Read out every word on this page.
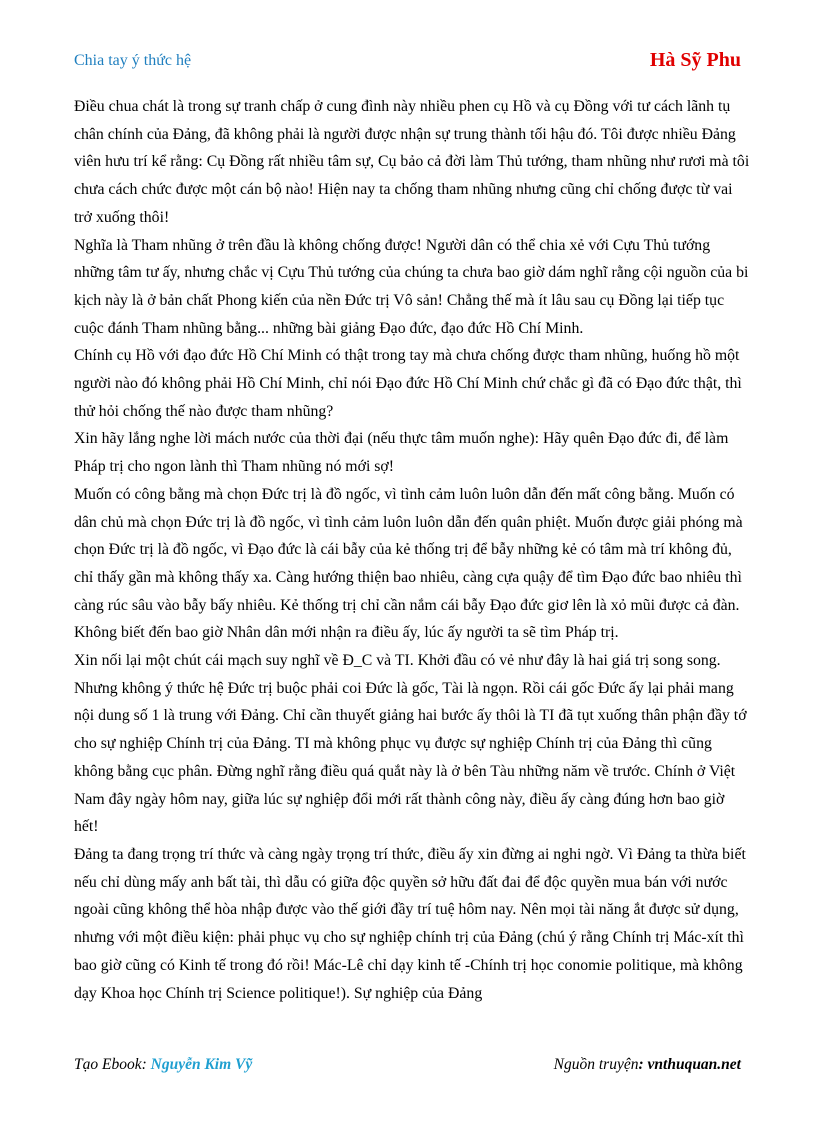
Chia tay ý thức hệ	Hà Sỹ Phu

Điều chua chát là trong sự tranh chấp ở cung đình này nhiều phen cụ Hồ và cụ Đồng với tư cách lãnh tụ chân chính của Đảng, đã không phải là người được nhận sự trung thành tối hậu đó. Tôi được nhiều Đảng viên hưu trí kể rằng: Cụ Đồng rất nhiều tâm sự, Cụ bảo cả đời làm Thủ tướng, tham nhũng như rươi mà tôi chưa cách chức được một cán bộ nào! Hiện nay ta chống tham nhũng nhưng cũng chỉ chống được từ vai trở xuống thôi!

Nghĩa là Tham nhũng ở trên đầu là không chống được! Người dân có thể chia xẻ với Cựu Thủ tướng những tâm tư ấy, nhưng chắc vị Cựu Thủ tướng của chúng ta chưa bao giờ dám nghĩ rằng cội nguồn của bi kịch này là ở bản chất Phong kiến của nền Đức trị Vô sản! Chẳng thế mà ít lâu sau cụ Đồng lại tiếp tục cuộc đánh Tham nhũng bằng... những bài giảng Đạo đức, đạo đức Hồ Chí Minh.

Chính cụ Hồ với đạo đức Hồ Chí Minh có thật trong tay mà chưa chống được tham nhũng, huống hồ một người nào đó không phải Hồ Chí Minh, chỉ nói Đạo đức Hồ Chí Minh chứ chắc gì đã có Đạo đức thật, thì thử hỏi chống thế nào được tham nhũng?

Xin hãy lắng nghe lời mách nước của thời đại (nếu thực tâm muốn nghe): Hãy quên Đạo đức đi, để làm Pháp trị cho ngon lành thì Tham nhũng nó mới sợ!

Muốn có công bằng mà chọn Đức trị là đồ ngốc, vì tình cảm luôn luôn dẫn đến mất công bằng. Muốn có dân chủ mà chọn Đức trị là đồ ngốc, vì tình cảm luôn luôn dẫn đến quân phiệt. Muốn được giải phóng mà chọn Đức trị là đồ ngốc, vì Đạo đức là cái bẫy của kẻ thống trị để bẫy những kẻ có tâm mà trí không đủ, chỉ thấy gần mà không thấy xa. Càng hướng thiện bao nhiêu, càng cựa quậy để tìm Đạo đức bao nhiêu thì càng rúc sâu vào bẫy bấy nhiêu. Kẻ thống trị chỉ cần nắm cái bẫy Đạo đức giơ lên là xỏ mũi được cả đàn. Không biết đến bao giờ Nhân dân mới nhận ra điều ấy, lúc ấy người ta sẽ tìm Pháp trị.

Xin nối lại một chút cái mạch suy nghĩ về Đ_C và TI. Khởi đầu có vẻ như đây là hai giá trị song song. Nhưng không ý thức hệ Đức trị buộc phải coi Đức là gốc, Tài là ngọn. Rồi cái gốc Đức ấy lại phải mang nội dung số 1 là trung với Đảng. Chỉ cần thuyết giảng hai bước ấy thôi là TI đã tụt xuống thân phận đầy tớ cho sự nghiệp Chính trị của Đảng. TI mà không phục vụ được sự nghiệp Chính trị của Đảng thì cũng không bằng cục phân. Đừng nghĩ rằng điều quá quắt này là ở bên Tàu những năm về trước. Chính ở Việt Nam đây ngày hôm nay, giữa lúc sự nghiệp đổi mới rất thành công này, điều ấy càng đúng hơn bao giờ hết!

Đảng ta đang trọng trí thức và càng ngày trọng trí thức, điều ấy xin đừng ai nghi ngờ. Vì Đảng ta thừa biết nếu chỉ dùng mấy anh bất tài, thì dẫu có giữa độc quyền sở hữu đất đai để độc quyền mua bán với nước ngoài cũng không thể hòa nhập được vào thế giới đầy trí tuệ hôm nay. Nên mọi tài năng ắt được sử dụng, nhưng với một điều kiện: phải phục vụ cho sự nghiệp chính trị của Đảng (chú ý rằng Chính trị Mác-xít thì bao giờ cũng có Kinh tế trong đó rồi! Mác-Lê chỉ dạy kinh tế -Chính trị học conomie politique, mà không dạy Khoa học Chính trị Science politique!). Sự nghiệp của Đảng

Tạo Ebook: Nguyễn Kim Vỹ	Nguồn truyện: vnthuquan.net
